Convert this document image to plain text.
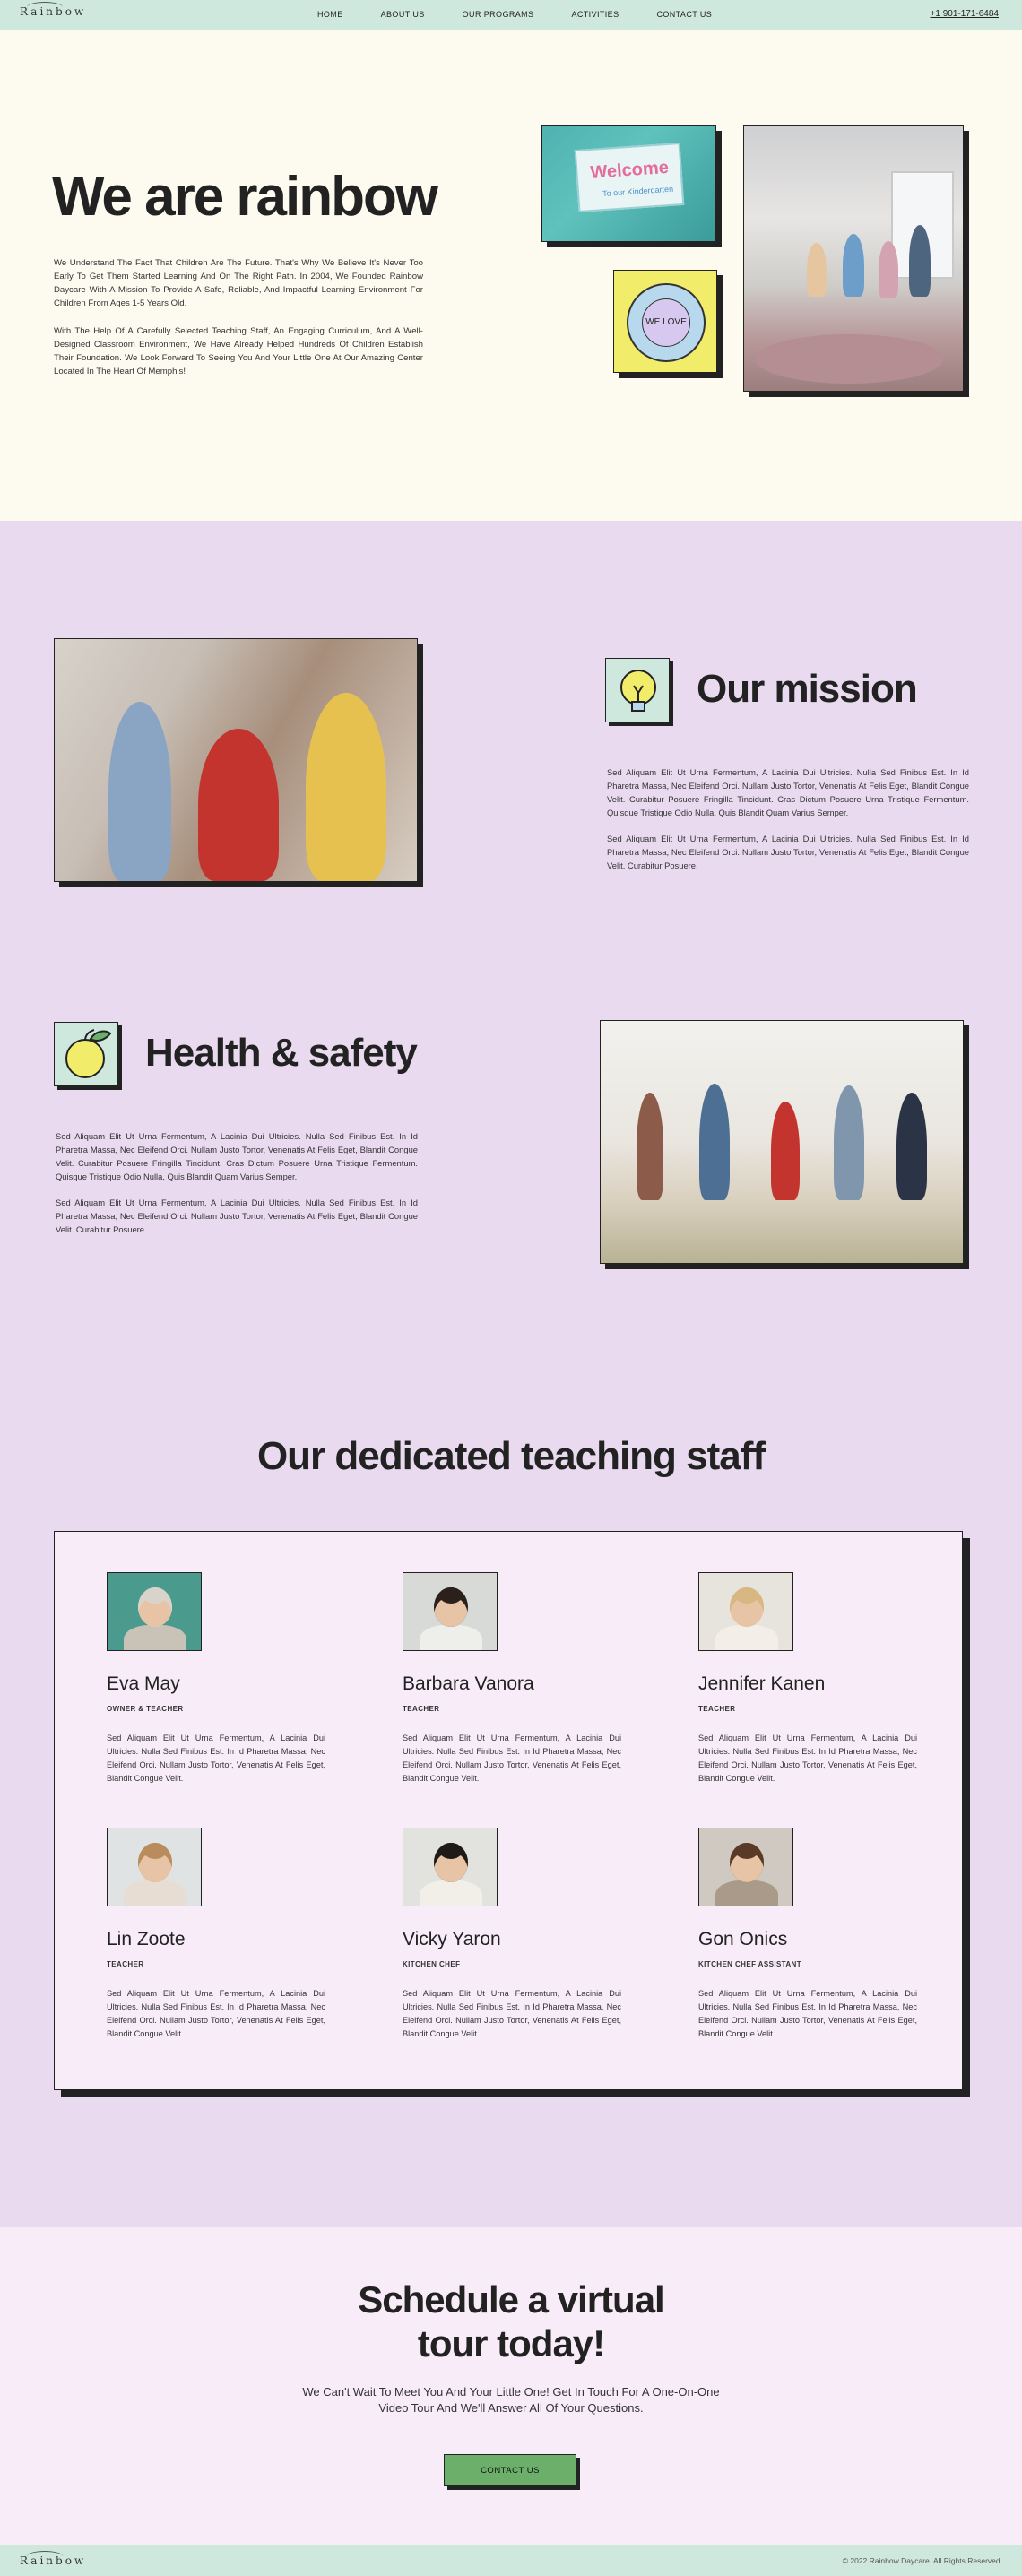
Rainbow	HOME	ABOUT US	OUR PROGRAMS	ACTIVITIES	CONTACT US	+1 901-171-6484
We are rainbow

We Understand The Fact That Children Are The Future. That's Why We Believe It's Never Too Early To Get Them Started Learning And On The Right Path. In 2004, We Founded Rainbow Daycare With A Mission To Provide A Safe, Reliable, And Impactful Learning Environment For Children From Ages 1-5 Years Old.

With The Help Of A Carefully Selected Teaching Staff, An Engaging Curriculum, And A Well-Designed Classroom Environment, We Have Already Helped Hundreds Of Children Establish Their Foundation. We Look Forward To Seeing You And Your Little One At Our Amazing Center Located In The Heart Of Memphis!

Welcome
To our Kindergarten
WE LOVE
Our mission

Sed Aliquam Elit Ut Urna Fermentum, A Lacinia Dui Ultricies. Nulla Sed Finibus Est. In Id Pharetra Massa, Nec Eleifend Orci. Nullam Justo Tortor, Venenatis At Felis Eget, Blandit Congue Velit. Curabitur Posuere Fringilla Tincidunt. Cras Dictum Posuere Urna Tristique Fermentum. Quisque Tristique Odio Nulla, Quis Blandit Quam Varius Semper.

Sed Aliquam Elit Ut Urna Fermentum, A Lacinia Dui Ultricies. Nulla Sed Finibus Est. In Id Pharetra Massa, Nec Eleifend Orci. Nullam Justo Tortor, Venenatis At Felis Eget, Blandit Congue Velit. Curabitur Posuere.

Health & safety

Sed Aliquam Elit Ut Urna Fermentum, A Lacinia Dui Ultricies. Nulla Sed Finibus Est. In Id Pharetra Massa, Nec Eleifend Orci. Nullam Justo Tortor, Venenatis At Felis Eget, Blandit Congue Velit. Curabitur Posuere Fringilla Tincidunt. Cras Dictum Posuere Urna Tristique Fermentum. Quisque Tristique Odio Nulla, Quis Blandit Quam Varius Semper.

Sed Aliquam Elit Ut Urna Fermentum, A Lacinia Dui Ultricies. Nulla Sed Finibus Est. In Id Pharetra Massa, Nec Eleifend Orci. Nullam Justo Tortor, Venenatis At Felis Eget, Blandit Congue Velit. Curabitur Posuere.

Our dedicated teaching staff
Eva May
OWNER & TEACHER
Sed Aliquam Elit Ut Urna Fermentum, A Lacinia Dui Ultricies. Nulla Sed Finibus Est. In Id Pharetra Massa, Nec Eleifend Orci. Nullam Justo Tortor, Venenatis At Felis Eget, Blandit Congue Velit.
Barbara Vanora
TEACHER
Sed Aliquam Elit Ut Urna Fermentum, A Lacinia Dui Ultricies. Nulla Sed Finibus Est. In Id Pharetra Massa, Nec Eleifend Orci. Nullam Justo Tortor, Venenatis At Felis Eget, Blandit Congue Velit.
Jennifer Kanen
TEACHER
Sed Aliquam Elit Ut Urna Fermentum, A Lacinia Dui Ultricies. Nulla Sed Finibus Est. In Id Pharetra Massa, Nec Eleifend Orci. Nullam Justo Tortor, Venenatis At Felis Eget, Blandit Congue Velit.
Lin Zoote
TEACHER
Sed Aliquam Elit Ut Urna Fermentum, A Lacinia Dui Ultricies. Nulla Sed Finibus Est. In Id Pharetra Massa, Nec Eleifend Orci. Nullam Justo Tortor, Venenatis At Felis Eget, Blandit Congue Velit.
Vicky Yaron
KITCHEN CHEF
Sed Aliquam Elit Ut Urna Fermentum, A Lacinia Dui Ultricies. Nulla Sed Finibus Est. In Id Pharetra Massa, Nec Eleifend Orci. Nullam Justo Tortor, Venenatis At Felis Eget, Blandit Congue Velit.
Gon Onics
KITCHEN CHEF ASSISTANT
Sed Aliquam Elit Ut Urna Fermentum, A Lacinia Dui Ultricies. Nulla Sed Finibus Est. In Id Pharetra Massa, Nec Eleifend Orci. Nullam Justo Tortor, Venenatis At Felis Eget, Blandit Congue Velit.
Schedule a virtual
tour today!

We Can't Wait To Meet You And Your Little One! Get In Touch For A One-On-One Video Tour And We'll Answer All Of Your Questions.

CONTACT US
Rainbow	© 2022 Rainbow Daycare. All Rights Reserved.
